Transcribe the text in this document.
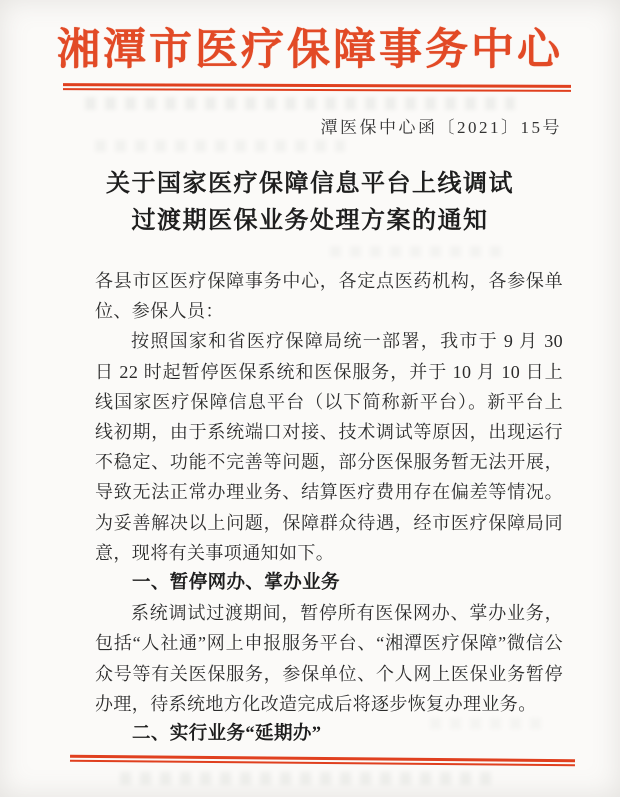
湘潭市医疗保障事务中心
潭医保中心函〔2021〕15号
关于国家医疗保障信息平台上线调试
过渡期医保业务处理方案的通知

各县市区医疗保障事务中心，各定点医药机构，各参保单位、参保人员：

按照国家和省医疗保障局统一部署，我市于 9 月 30 日 22 时起暂停医保系统和医保服务，并于 10 月 10 日上线国家医疗保障信息平台（以下简称新平台）。新平台上线初期，由于系统端口对接、技术调试等原因，出现运行不稳定、功能不完善等问题，部分医保服务暂无法开展，导致无法正常办理业务、结算医疗费用存在偏差等情况。为妥善解决以上问题，保障群众待遇，经市医疗保障局同意，现将有关事项通知如下。

一、暂停网办、掌办业务

系统调试过渡期间，暂停所有医保网办、掌办业务，包括“人社通”网上申报服务平台、“湘潭医疗保障”微信公众号等有关医保服务，参保单位、个人网上医保业务暂停办理，待系统地方化改造完成后将逐步恢复办理业务。

二、实行业务“延期办”
